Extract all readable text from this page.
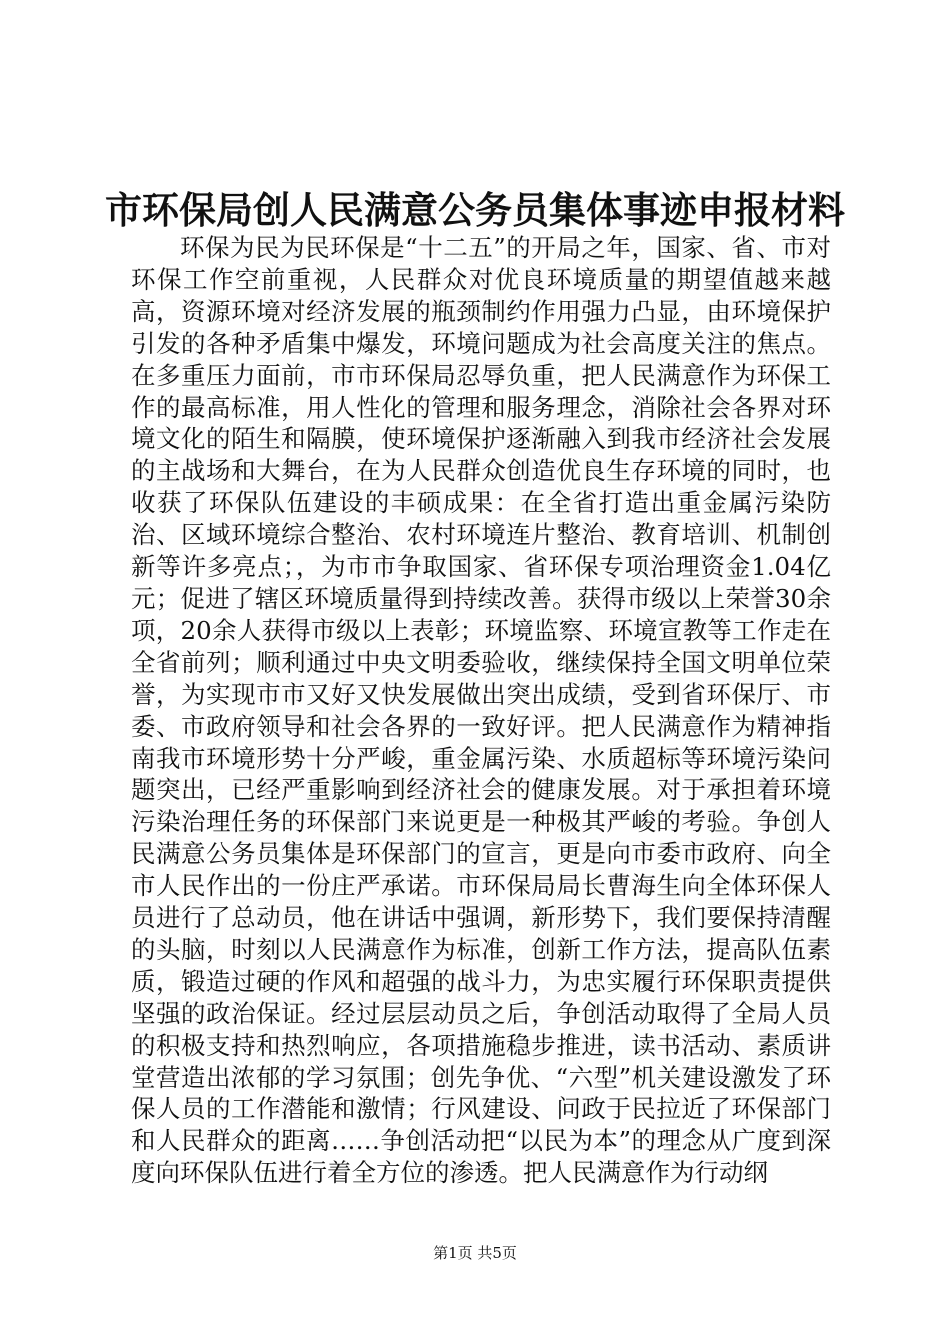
市环保局创人民满意公务员集体事迹申报材料

环保为民为民环保是“十二五”的开局之年，国家、省、市对环保工作空前重视，人民群众对优良环境质量的期望值越来越高，资源环境对经济发展的瓶颈制约作用强力凸显，由环境保护引发的各种矛盾集中爆发，环境问题成为社会高度关注的焦点。在多重压力面前，市市环保局忍辱负重，把人民满意作为环保工作的最高标准，用人性化的管理和服务理念，消除社会各界对环境文化的陌生和隔膜，使环境保护逐渐融入到我市经济社会发展的主战场和大舞台，在为人民群众创造优良生存环境的同时，也收获了环保队伍建设的丰硕成果：在全省打造出重金属污染防治、区域环境综合整治、农村环境连片整治、教育培训、机制创新等许多亮点；，为市市争取国家、省环保专项治理资金1.04亿元；促进了辖区环境质量得到持续改善。获得市级以上荣誉30余项，20余人获得市级以上表彰；环境监察、环境宣教等工作走在全省前列；顺利通过中央文明委验收，继续保持全国文明单位荣誉，为实现市市又好又快发展做出突出成绩，受到省环保厅、市委、市政府领导和社会各界的一致好评。把人民满意作为精神指南我市环境形势十分严峻，重金属污染、水质超标等环境污染问题突出，已经严重影响到经济社会的健康发展。对于承担着环境污染治理任务的环保部门来说更是一种极其严峻的考验。争创人民满意公务员集体是环保部门的宣言，更是向市委市政府、向全市人民作出的一份庄严承诺。市环保局局长曹海生向全体环保人员进行了总动员，他在讲话中强调，新形势下，我们要保持清醒的头脑，时刻以人民满意作为标准，创新工作方法，提高队伍素质，锻造过硬的作风和超强的战斗力，为忠实履行环保职责提供坚强的政治保证。经过层层动员之后，争创活动取得了全局人员的积极支持和热烈响应，各项措施稳步推进，读书活动、素质讲堂营造出浓郁的学习氛围；创先争优、“六型”机关建设激发了环保人员的工作潜能和激情；行风建设、问政于民拉近了环保部门和人民群众的距离……争创活动把“以民为本”的理念从广度到深度向环保队伍进行着全方位的渗透。把人民满意作为行动纲

第1页 共5页
